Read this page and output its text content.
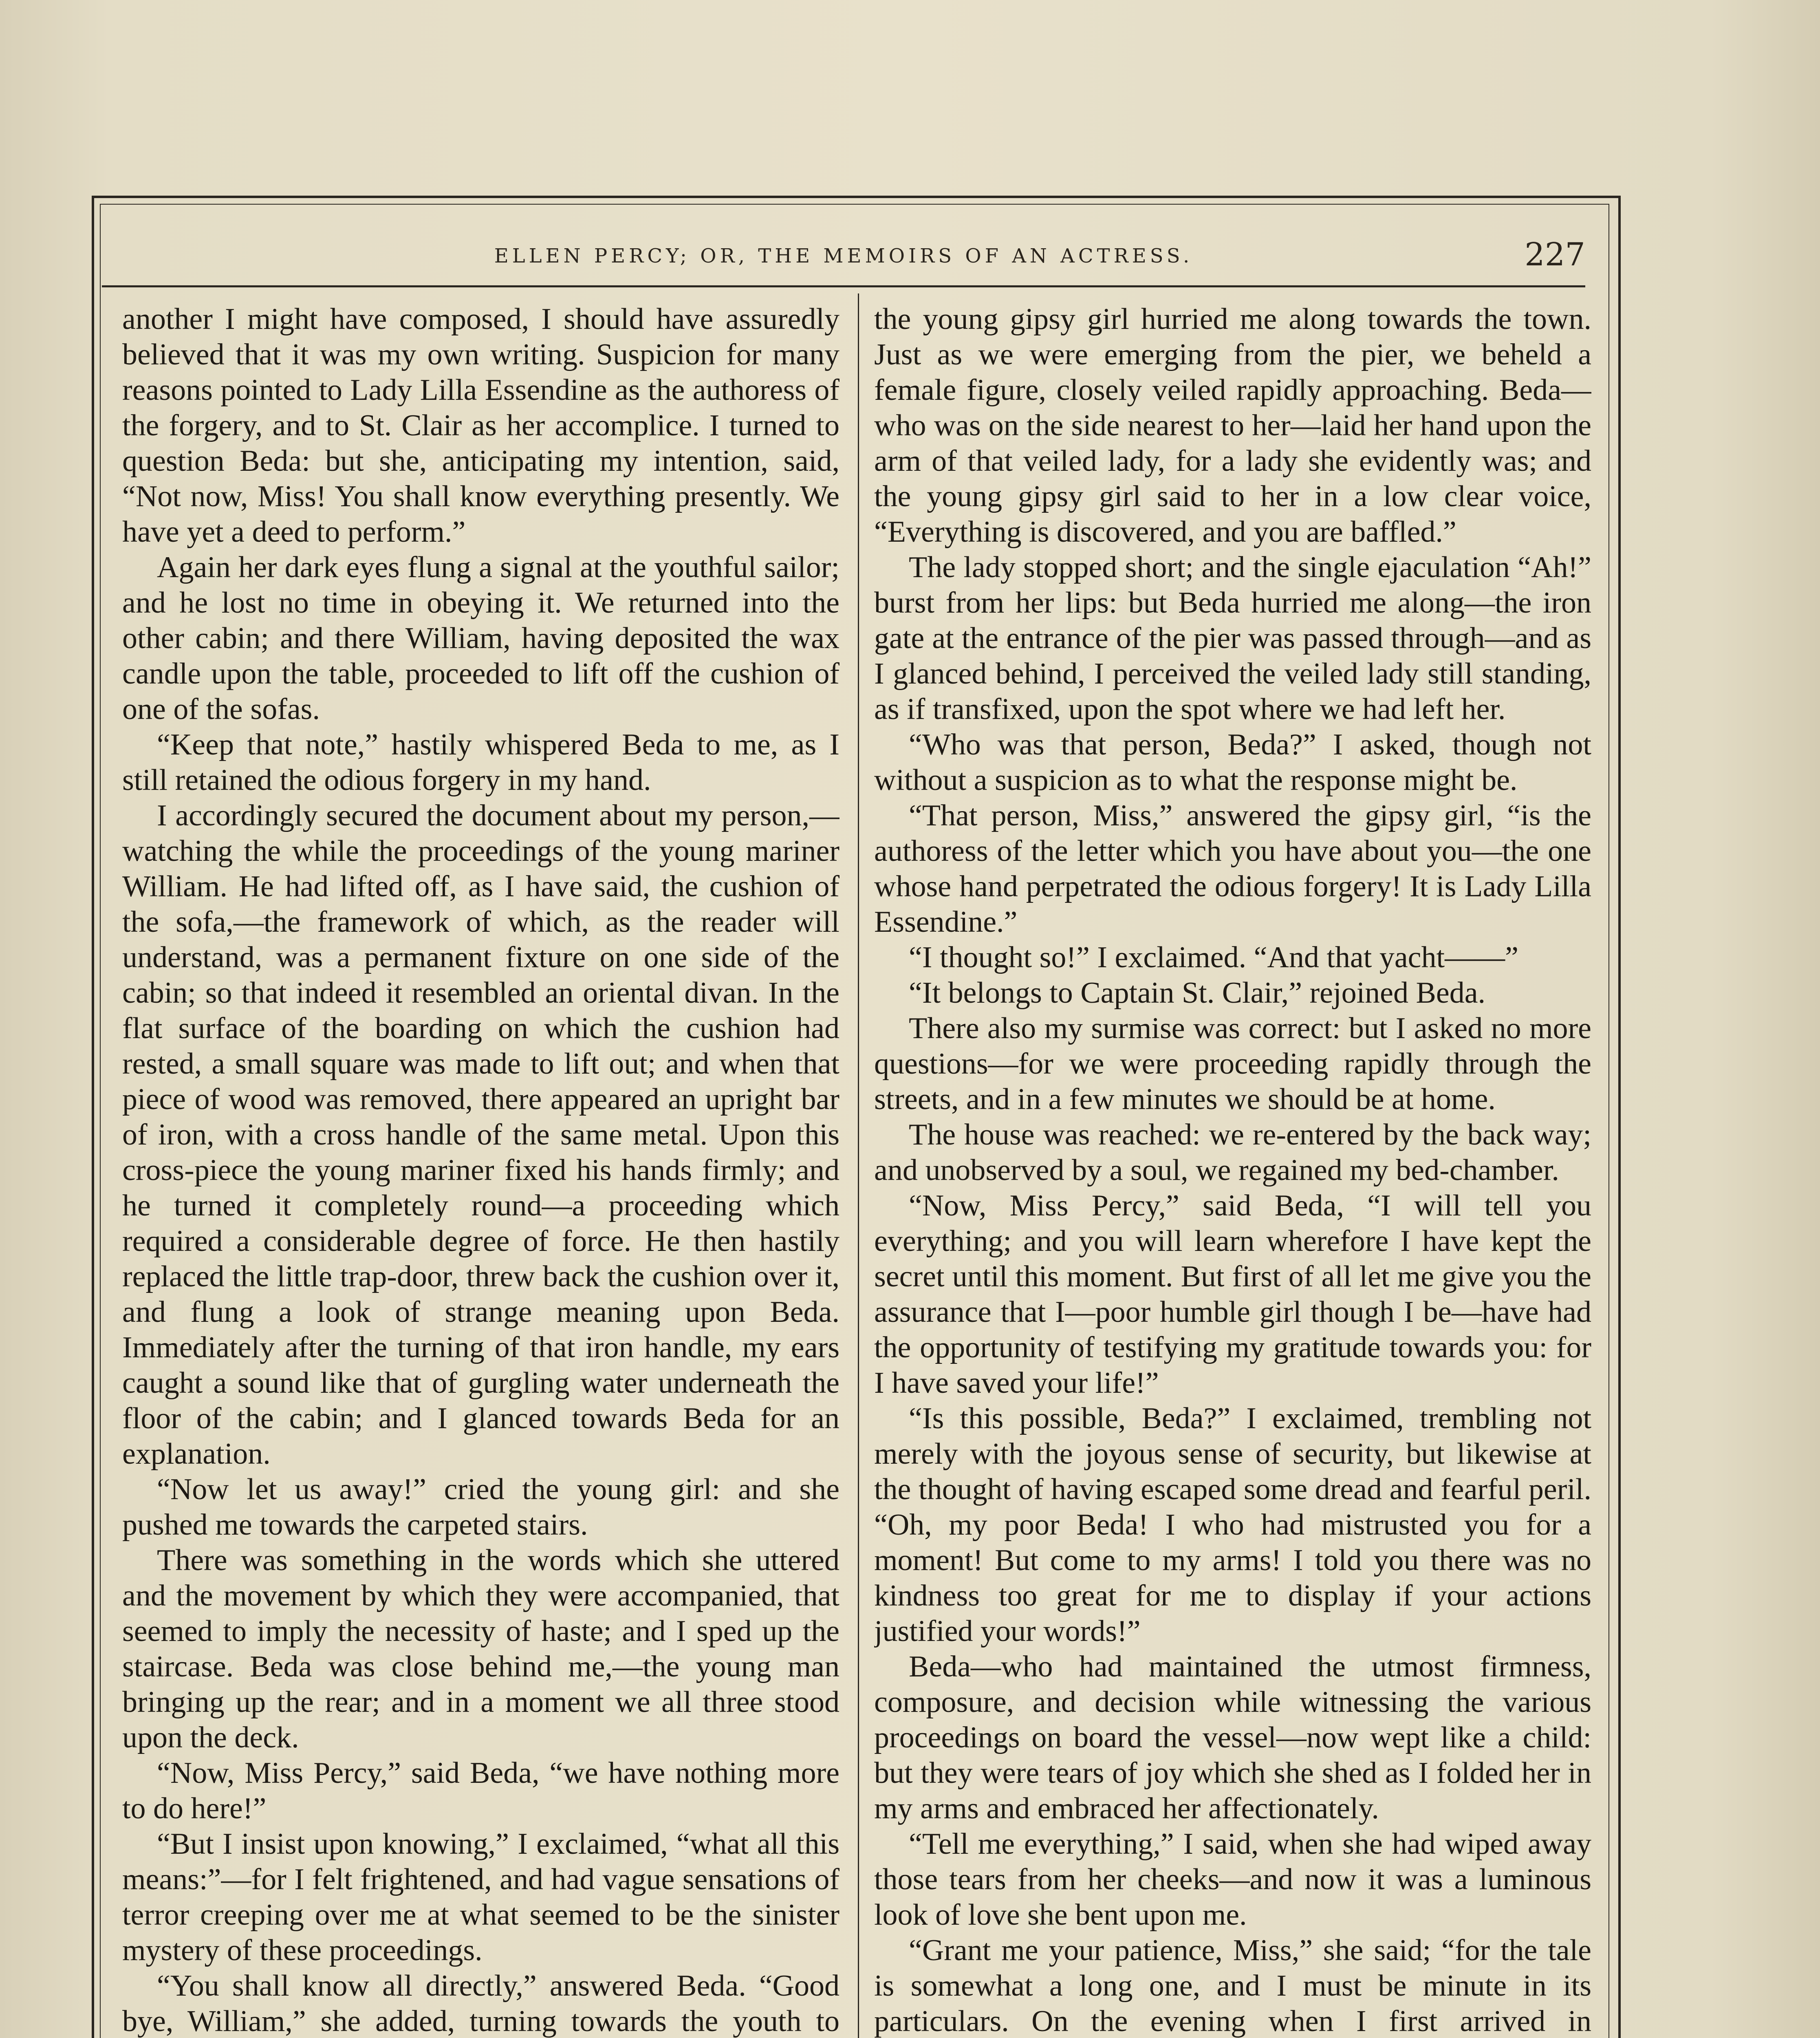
ELLEN PERCY; OR, THE MEMOIRS OF AN ACTRESS.	227

another I might have composed, I should have assuredly believed that it was my own writing. Suspicion for many reasons pointed to Lady Lilla Essendine as the authoress of the forgery, and to St. Clair as her accomplice. I turned to question Beda: but she, anticipating my intention, said, “Not now, Miss! You shall know everything presently. We have yet a deed to perform.”

Again her dark eyes flung a signal at the youthful sailor; and he lost no time in obeying it. We returned into the other cabin; and there William, having deposited the wax candle upon the table, proceeded to lift off the cushion of one of the sofas.

“Keep that note,” hastily whispered Beda to me, as I still retained the odious forgery in my hand.

I accordingly secured the document about my person,—watching the while the proceedings of the young mariner William. He had lifted off, as I have said, the cushion of the sofa,—the framework of which, as the reader will understand, was a permanent fixture on one side of the cabin; so that indeed it resembled an oriental divan. In the flat surface of the boarding on which the cushion had rested, a small square was made to lift out; and when that piece of wood was removed, there appeared an upright bar of iron, with a cross handle of the same metal. Upon this cross-piece the young mariner fixed his hands firmly; and he turned it completely round—a proceeding which required a considerable degree of force. He then hastily replaced the little trap-door, threw back the cushion over it, and flung a look of strange meaning upon Beda. Immediately after the turning of that iron handle, my ears caught a sound like that of gurgling water underneath the floor of the cabin; and I glanced towards Beda for an explanation.

“Now let us away!” cried the young girl: and she pushed me towards the carpeted stairs.

There was something in the words which she uttered and the movement by which they were accompanied, that seemed to imply the necessity of haste; and I sped up the staircase. Beda was close behind me,—the young man bringing up the rear; and in a moment we all three stood upon the deck.

“Now, Miss Percy,” said Beda, “we have nothing more to do here!”

“But I insist upon knowing,” I exclaimed, “what all this means:”—for I felt frightened, and had vague sensations of terror creeping over me at what seemed to be the sinister mystery of these proceedings.

“You shall know all directly,” answered Beda. “Good bye, William,” she added, turning towards the youth to

the young gipsy girl hurried me along towards the town. Just as we were emerging from the pier, we beheld a female figure, closely veiled rapidly approaching. Beda—who was on the side nearest to her—laid her hand upon the arm of that veiled lady, for a lady she evidently was; and the young gipsy girl said to her in a low clear voice, “Everything is discovered, and you are baffled.”

The lady stopped short; and the single ejaculation “Ah!” burst from her lips: but Beda hurried me along—the iron gate at the entrance of the pier was passed through—and as I glanced behind, I perceived the veiled lady still standing, as if transfixed, upon the spot where we had left her.

“Who was that person, Beda?” I asked, though not without a suspicion as to what the response might be.

“That person, Miss,” answered the gipsy girl, “is the authoress of the letter which you have about you—the one whose hand perpetrated the odious forgery! It is Lady Lilla Essendine.”

“I thought so!” I exclaimed. “And that yacht——”

“It belongs to Captain St. Clair,” rejoined Beda.

There also my surmise was correct: but I asked no more questions—for we were proceeding rapidly through the streets, and in a few minutes we should be at home.

The house was reached: we re-entered by the back way; and unobserved by a soul, we regained my bed-chamber.

“Now, Miss Percy,” said Beda, “I will tell you everything; and you will learn wherefore I have kept the secret until this moment. But first of all let me give you the assurance that I—poor humble girl though I be—have had the opportunity of testifying my gratitude towards you: for I have saved your life!”

“Is this possible, Beda?” I exclaimed, trembling not merely with the joyous sense of security, but likewise at the thought of having escaped some dread and fearful peril. “Oh, my poor Beda! I who had mistrusted you for a moment! But come to my arms! I told you there was no kindness too great for me to display if your actions justified your words!”

Beda—who had maintained the utmost firmness, composure, and decision while witnessing the various proceedings on board the vessel—now wept like a child: but they were tears of joy which she shed as I folded her in my arms and embraced her affectionately.

“Tell me everything,” I said, when she had wiped away those tears from her cheeks—and now it was a luminous look of love she bent upon me.

“Grant me your patience, Miss,” she said; “for the tale is somewhat a long one, and I must be minute in its particulars. On the evening when I first arrived in
